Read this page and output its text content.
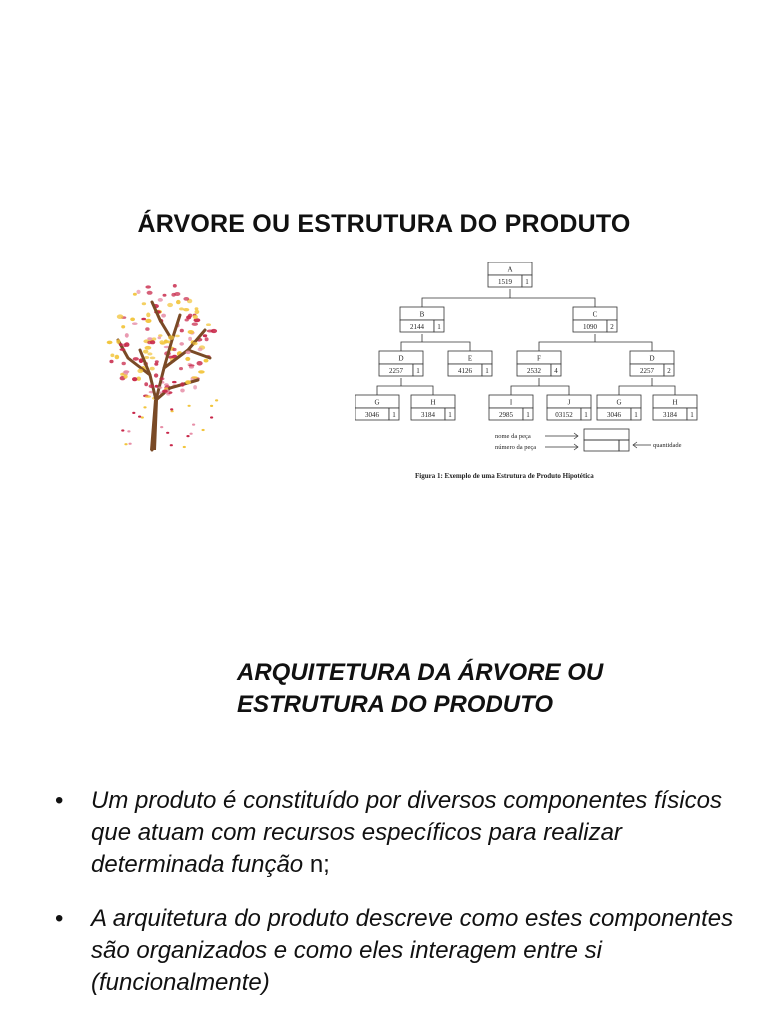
ÁRVORE OU ESTRUTURA DO PRODUTO
A
1519 1
B
2144 1
C
1090 2
D
2257 1
E
4126 1
F
2532 4
D
2257 2
G
3046 1
H
3184 1
I
2985 1
J
03152 1
G
3046 1
H
3184 1
nome da peça
número da peça	quantidade
Figura 1: Exemplo de uma Estrutura de Produto Hipotética
ARQUITETURA DA ÁRVORE OU
ESTRUTURA DO PRODUTO
• Um produto é constituído por diversos componentes físicos que atuam com recursos específicos para realizar determinada função n;
• A arquitetura do produto descreve como estes componentes são organizados e como eles interagem entre si (funcionalmente)
